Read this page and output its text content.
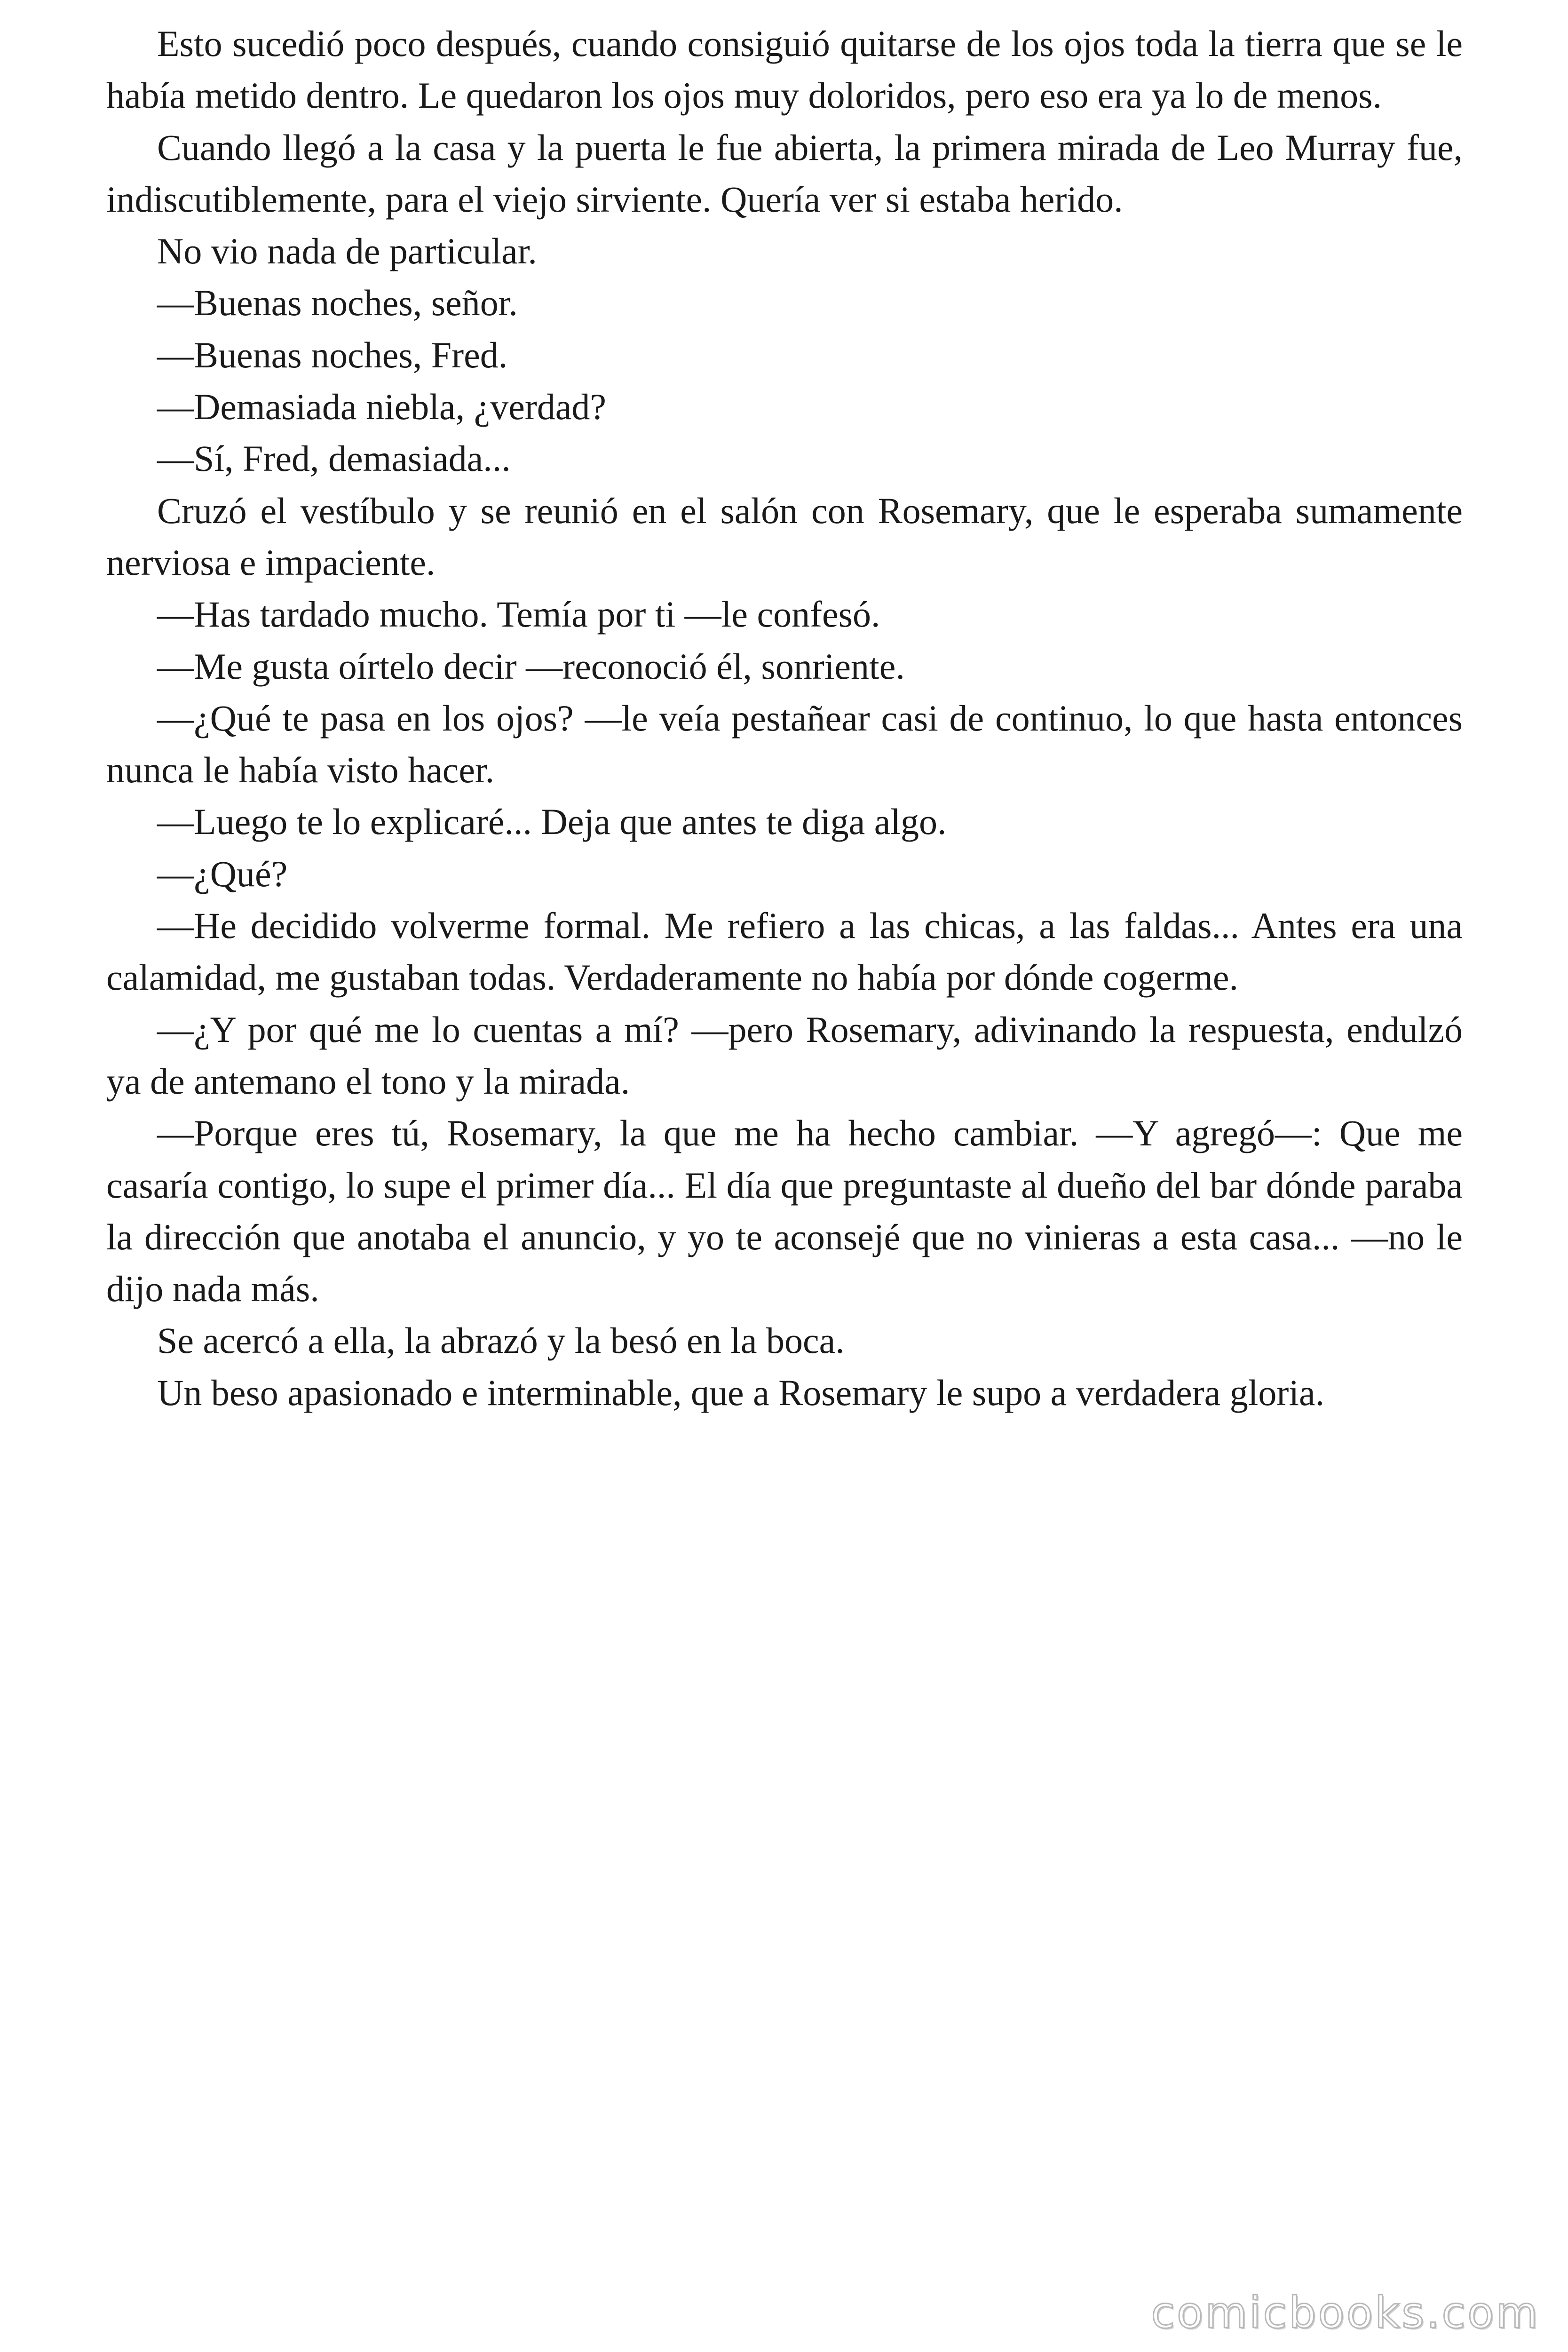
Esto sucedió poco después, cuando consiguió quitarse de los ojos toda la tierra que se le había metido dentro. Le quedaron los ojos muy doloridos, pero eso era ya lo de menos.

Cuando llegó a la casa y la puerta le fue abierta, la primera mirada de Leo Murray fue, indiscutiblemente, para el viejo sirviente. Quería ver si estaba herido.

No vio nada de particular.

—Buenas noches, señor.

—Buenas noches, Fred.

—Demasiada niebla, ¿verdad?

—Sí, Fred, demasiada...

Cruzó el vestíbulo y se reunió en el salón con Rosemary, que le esperaba sumamente nerviosa e impaciente.

—Has tardado mucho. Temía por ti —le confesó.

—Me gusta oírtelo decir —reconoció él, sonriente.

—¿Qué te pasa en los ojos? —le veía pestañear casi de continuo, lo que hasta entonces nunca le había visto hacer.

—Luego te lo explicaré... Deja que antes te diga algo.

—¿Qué?

—He decidido volverme formal. Me refiero a las chicas, a las faldas... Antes era una calamidad, me gustaban todas. Verdaderamente no había por dónde cogerme.

—¿Y por qué me lo cuentas a mí? —pero Rosemary, adivinando la respuesta, endulzó ya de antemano el tono y la mirada.

—Porque eres tú, Rosemary, la que me ha hecho cambiar. —Y agregó—: Que me casaría contigo, lo supe el primer día... El día que preguntaste al dueño del bar dónde paraba la dirección que anotaba el anuncio, y yo te aconsejé que no vinieras a esta casa... —no le dijo nada más.

Se acercó a ella, la abrazó y la besó en la boca.

Un beso apasionado e interminable, que a Rosemary le supo a verdadera gloria.

comicbooks.com
